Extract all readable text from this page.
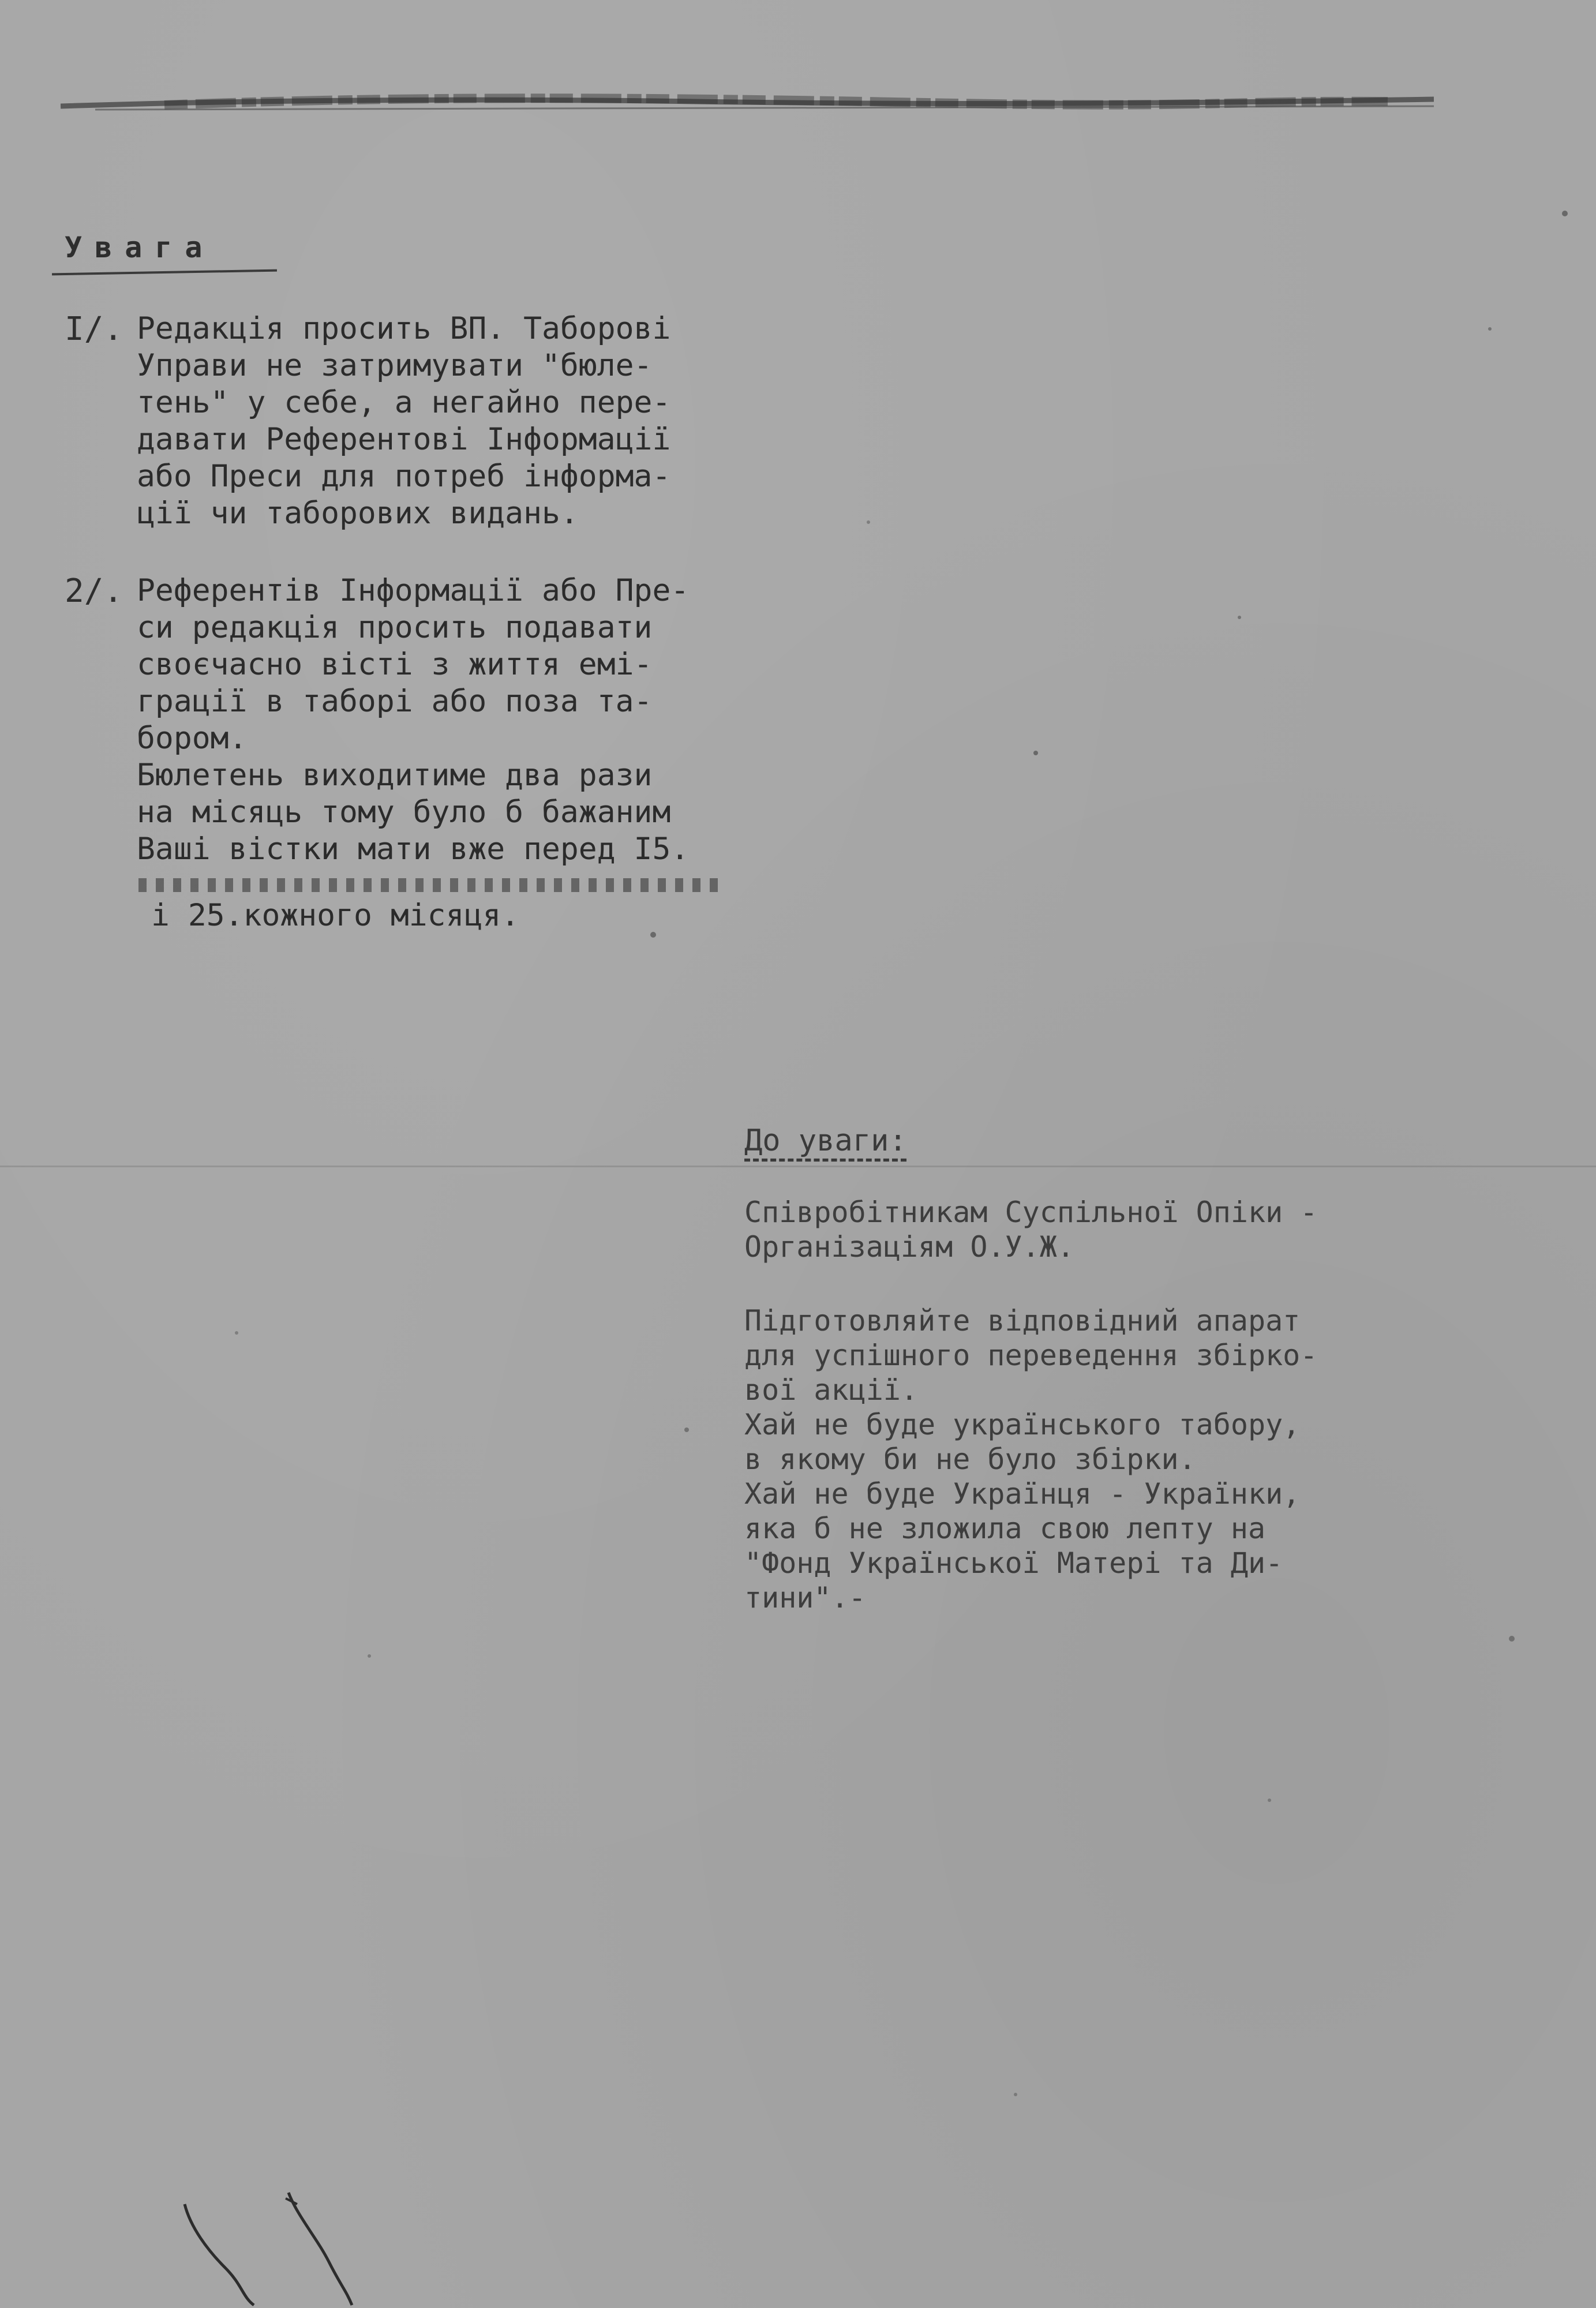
Увага
I/. Редакція просить ВП. Таборові
Управи не затримувати "бюле-
тень" у себе, а негайно пере-
давати Референтові Інформації
або Преси для потреб інформа-
ції чи таборових видань.
2/. Референтів Інформації або Пре-
си редакція просить подавати
своєчасно вісті з життя емі-
грації в таборі або поза та-
бором.
Бюлетень виходитиме два рази
на місяць тому було б бажаним
Ваші вістки мати вже перед І5.
і 25.кожного місяця.
До уваги:
Співробітникам Суспільної Опіки -
Організаціям О.У.Ж.
Підготовляйте відповідний апарат
для успішного переведення збірко-
вої акції.
Хай не буде українського табору,
в якому би не було збірки.
Хай не буде Українця - Українки,
яка б не зложила свою лепту на
"Фонд Української Матері та Ди-
тини".-
